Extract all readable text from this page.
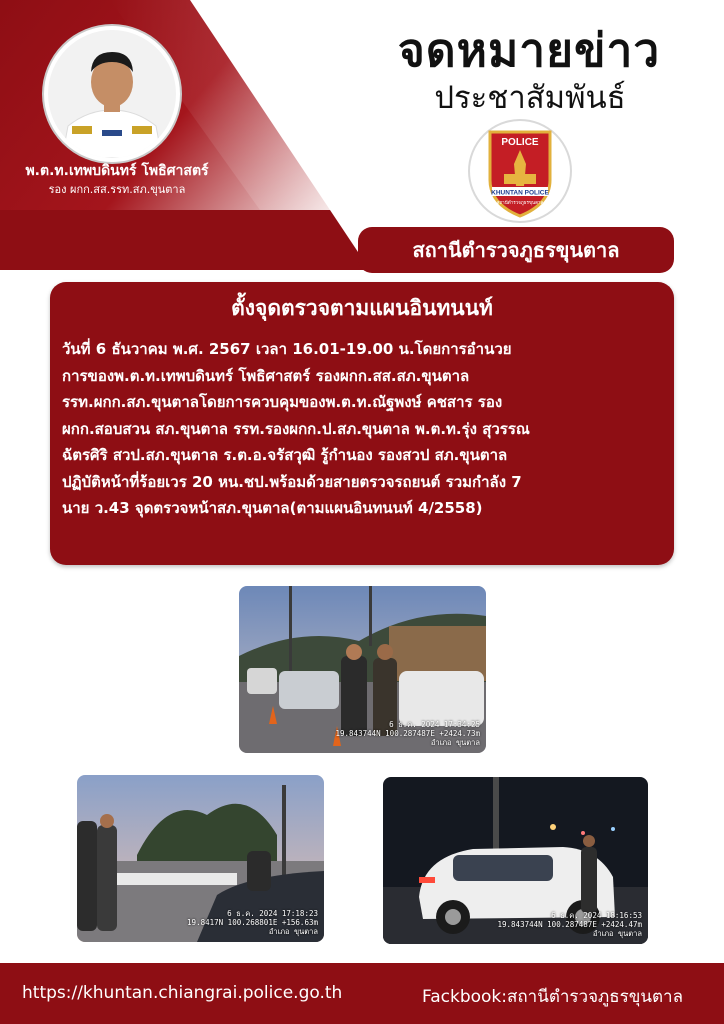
พ.ต.ท.เทพบดินทร์ โพธิศาสตร์
รอง ผกก.สส.รรท.สภ.ขุนตาล
จดหมายข่าว
ประชาสัมพันธ์
POLICE
KHUNTAN POLICE
สถานีตำรวจภูธรขุนตาล
สถานีตำรวจภูธรขุนตาล
ตั้งจุดตรวจตามแผนอินทนนท์
วันที่ 6 ธันวาคม พ.ศ. 2567 เวลา 16.01-19.00 น.โดยการอำนวย
การของพ.ต.ท.เทพบดินทร์ โพธิศาสตร์ รองผกก.สส.สภ.ขุนตาล
รรท.ผกก.สภ.ขุนตาลโดยการควบคุมของพ.ต.ท.ณัฐพงษ์ คชสาร รอง
ผกก.สอบสวน สภ.ขุนตาล รรท.รองผกก.ป.สภ.ขุนตาล พ.ต.ท.รุ่ง สุวรรณ
ฉัตรศิริ สวป.สภ.ขุนตาล ร.ต.อ.จรัสวุฒิ รู้กำนอง รองสวป สภ.ขุนตาล
ปฏิบัติหน้าที่ร้อยเวร 20 หน.ชป.พร้อมด้วยสายตรวจรถยนต์ รวมกำลัง 7
นาย ว.43 จุดตรวจหน้าสภ.ขุนตาล(ตามแผนอินทนนท์ 4/2558)
6 ธ.ค. 2024 17:34:25
19.843744N 100.287487E +2424.73m
อำเภอ ขุนตาล
6 ธ.ค. 2024 17:18:23
19.8417N 100.268801E +156.63m
อำเภอ ขุนตาล
6 ธ.ค. 2024 18:16:53
19.843744N 100.287487E +2424.47m
อำเภอ ขุนตาล
https://khuntan.chiangrai.police.go.th	Fackbook:สถานีตำรวจภูธรขุนตาล
